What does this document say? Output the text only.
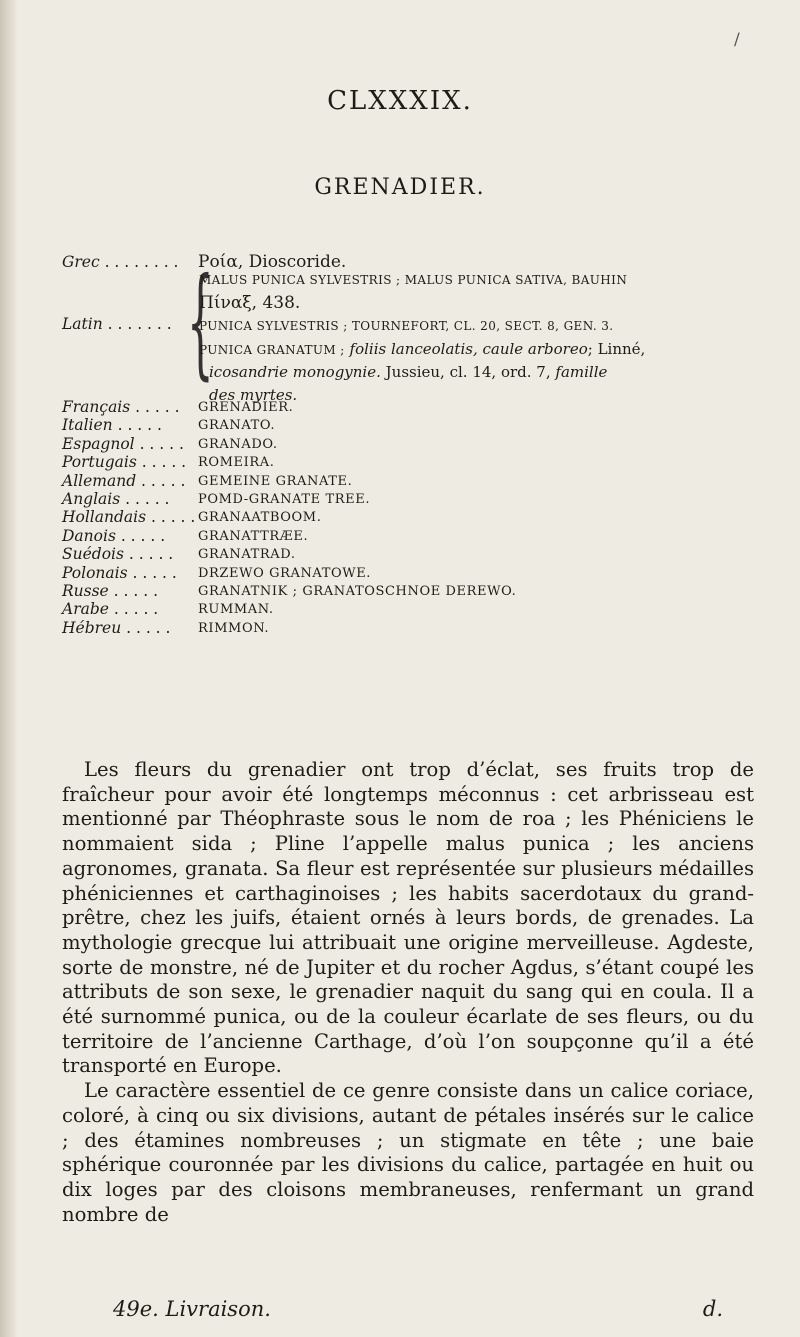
/
CLXXXIX.
GRENADIER.
Grec . . . . . . . .	Ροία, Dioscoride.
Latin . . . . . . . {
MALUS PUNICA SYLVESTRIS ; MALUS PUNICA SATIVA, BAUHIN
Πίναξ, 438.
PUNICA SYLVESTRIS ; TOURNEFORT, CL. 20, SECT. 8, GEN. 3.
PUNICA GRANATUM ; foliis lanceolatis, caule arboreo; Linné,
icosandrie monogynie. Jussieu, cl. 14, ord. 7, famille
des myrtes.
Français . . . . .	GRENADIER.
Italien . . . . .	GRANATO.
Espagnol . . . . .	GRANADO.
Portugais . . . . . ROMEIRA.
Allemand . . . . . GEMEINE GRANATE.
Anglais . . . . .	POMD-GRANATE TREE.
Hollandais . . . . . GRANAATBOOM.
Danois . . . . .	GRANATTRÆE.
Suédois . . . . .	GRANATRAD.
Polonais . . . . .	DRZEWO GRANATOWE.
Russe . . . . .	GRANATNIK ; GRANATOSCHNOE DEREWO.
Arabe . . . . .	RUMMAN.
Hébreu . . . . .	RIMMON.

Les fleurs du grenadier ont trop d’éclat, ses fruits trop de fraîcheur pour avoir été longtemps méconnus : cet arbrisseau est mentionné par Théophraste sous le nom de roa ; les Phéniciens le nommaient sida ; Pline l’appelle malus punica ; les anciens agronomes, granata. Sa fleur est représentée sur plusieurs médailles phéniciennes et carthaginoises ; les habits sacerdotaux du grand-prêtre, chez les juifs, étaient ornés à leurs bords, de grenades. La mythologie grecque lui attribuait une origine merveilleuse. Agdeste, sorte de monstre, né de Jupiter et du rocher Agdus, s’étant coupé les attributs de son sexe, le grenadier naquit du sang qui en coula. Il a été surnommé punica, ou de la couleur écarlate de ses fleurs, ou du territoire de l’ancienne Carthage, d’où l’on soupçonne qu’il a été transporté en Europe.

Le caractère essentiel de ce genre consiste dans un calice coriace, coloré, à cinq ou six divisions, autant de pétales insérés sur le calice ; des étamines nombreuses ; un stigmate en tête ; une baie sphérique couronnée par les divisions du calice, partagée en huit ou dix loges par des cloisons membraneuses, renfermant un grand nombre de

49e. Livraison.	d.
